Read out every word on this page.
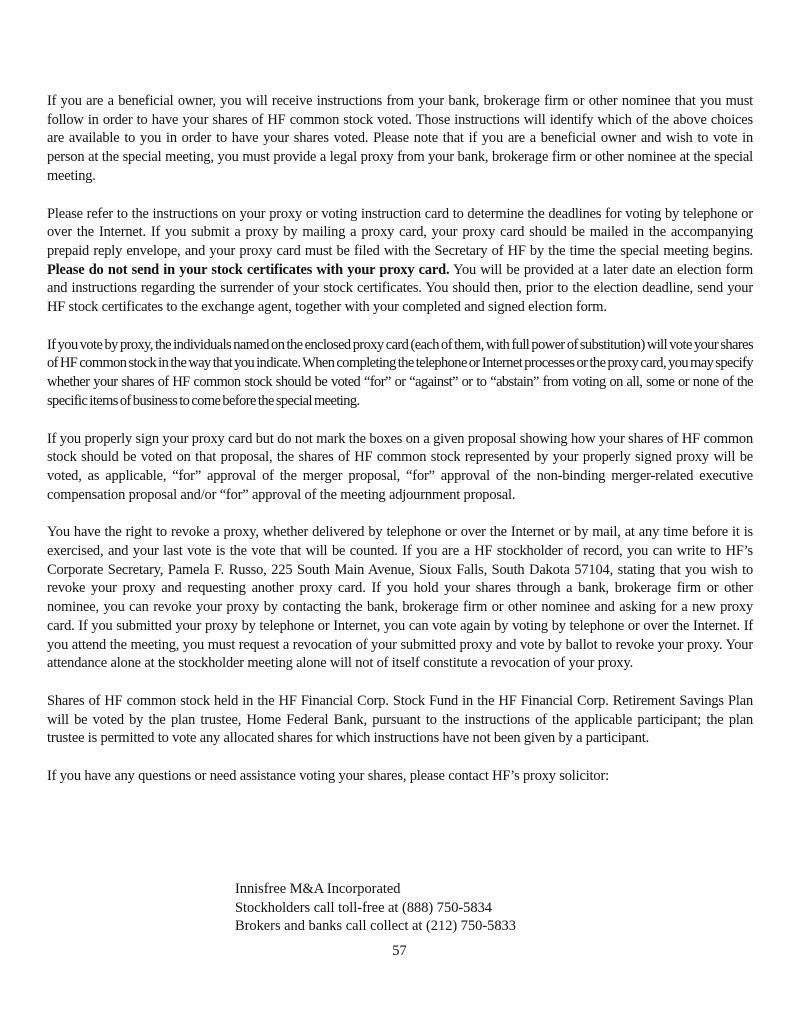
If you are a beneficial owner, you will receive instructions from your bank, brokerage firm or other nominee that you must follow in order to have your shares of HF common stock voted. Those instructions will identify which of the above choices are available to you in order to have your shares voted. Please note that if you are a beneficial owner and wish to vote in person at the special meeting, you must provide a legal proxy from your bank, brokerage firm or other nominee at the special meeting.

Please refer to the instructions on your proxy or voting instruction card to determine the deadlines for voting by telephone or over the Internet. If you submit a proxy by mailing a proxy card, your proxy card should be mailed in the accompanying prepaid reply envelope, and your proxy card must be filed with the Secretary of HF by the time the special meeting begins. Please do not send in your stock certificates with your proxy card. You will be provided at a later date an election form and instructions regarding the surrender of your stock certificates. You should then, prior to the election deadline, send your HF stock certificates to the exchange agent, together with your completed and signed election form.

If you vote by proxy, the individuals named on the enclosed proxy card (each of them, with full power of substitution) will vote your shares of HF common stock in the way that you indicate. When completing the telephone or Internet processes or the proxy card, you may specify whether your shares of HF common stock should be voted “for” or “against” or to “abstain” from voting on all, some or none of the specific items of business to come before the special meeting.

If you properly sign your proxy card but do not mark the boxes on a given proposal showing how your shares of HF common stock should be voted on that proposal, the shares of HF common stock represented by your properly signed proxy will be voted, as applicable, “for” approval of the merger proposal, “for” approval of the non-binding merger-related executive compensation proposal and/or “for” approval of the meeting adjournment proposal.

You have the right to revoke a proxy, whether delivered by telephone or over the Internet or by mail, at any time before it is exercised, and your last vote is the vote that will be counted. If you are a HF stockholder of record, you can write to HF’s Corporate Secretary, Pamela F. Russo, 225 South Main Avenue, Sioux Falls, South Dakota 57104, stating that you wish to revoke your proxy and requesting another proxy card. If you hold your shares through a bank, brokerage firm or other nominee, you can revoke your proxy by contacting the bank, brokerage firm or other nominee and asking for a new proxy card. If you submitted your proxy by telephone or Internet, you can vote again by voting by telephone or over the Internet. If you attend the meeting, you must request a revocation of your submitted proxy and vote by ballot to revoke your proxy. Your attendance alone at the stockholder meeting alone will not of itself constitute a revocation of your proxy.

Shares of HF common stock held in the HF Financial Corp. Stock Fund in the HF Financial Corp. Retirement Savings Plan will be voted by the plan trustee, Home Federal Bank, pursuant to the instructions of the applicable participant; the plan trustee is permitted to vote any allocated shares for which instructions have not been given by a participant.

If you have any questions or need assistance voting your shares, please contact HF’s proxy solicitor:

Innisfree M&A Incorporated
Stockholders call toll-free at (888) 750-5834
Brokers and banks call collect at (212) 750-5833
57
